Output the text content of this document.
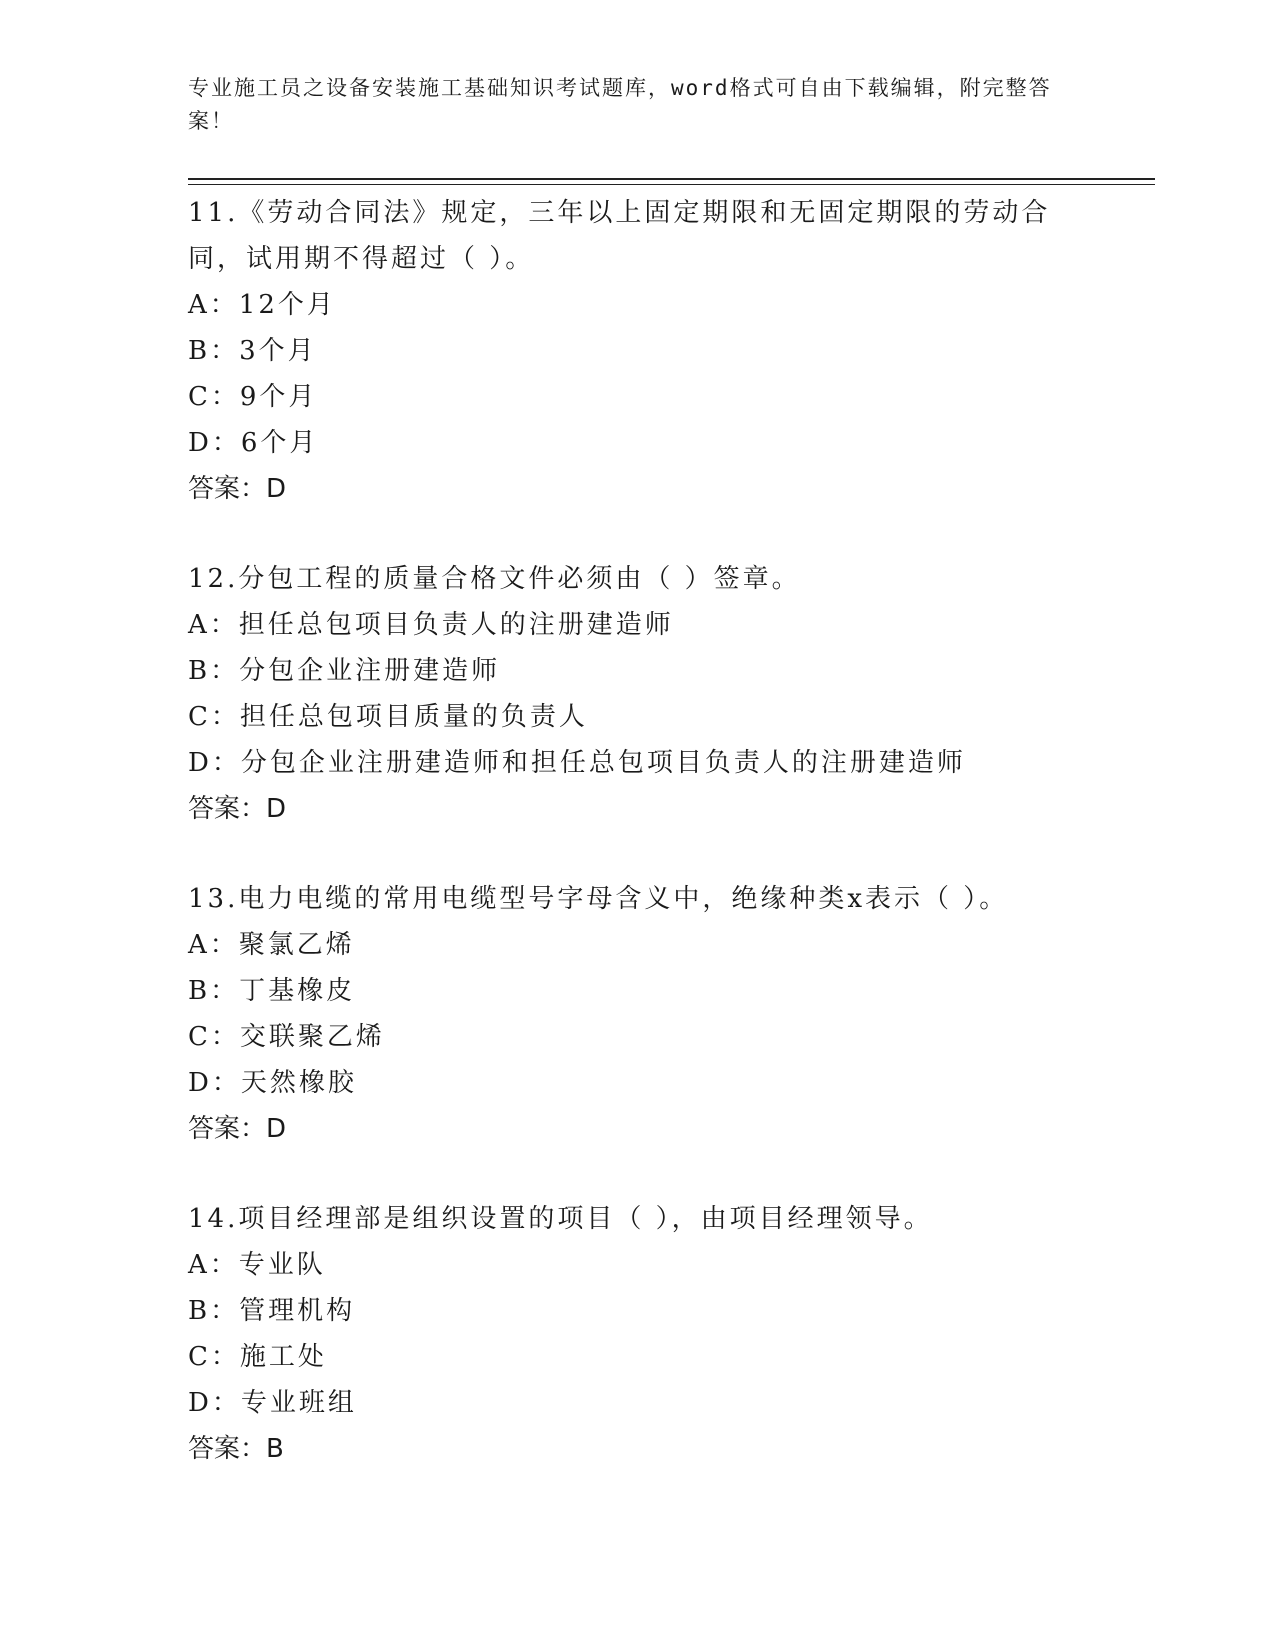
专业施工员之设备安装施工基础知识考试题库，word格式可自由下载编辑，附完整答案！

11.《劳动合同法》规定，三年以上固定期限和无固定期限的劳动合同，试用期不得超过（ ）。

A：12个月

B：3个月

C：9个月

D：6个月

答案：D

12.分包工程的质量合格文件必须由（ ）签章。

A：担任总包项目负责人的注册建造师

B：分包企业注册建造师

C：担任总包项目质量的负责人

D：分包企业注册建造师和担任总包项目负责人的注册建造师

答案：D

13.电力电缆的常用电缆型号字母含义中，绝缘种类x表示（ ）。

A：聚氯乙烯

B：丁基橡皮

C：交联聚乙烯

D：天然橡胶

答案：D

14.项目经理部是组织设置的项目（ ），由项目经理领导。

A：专业队

B：管理机构

C：施工处

D：专业班组

答案：B
